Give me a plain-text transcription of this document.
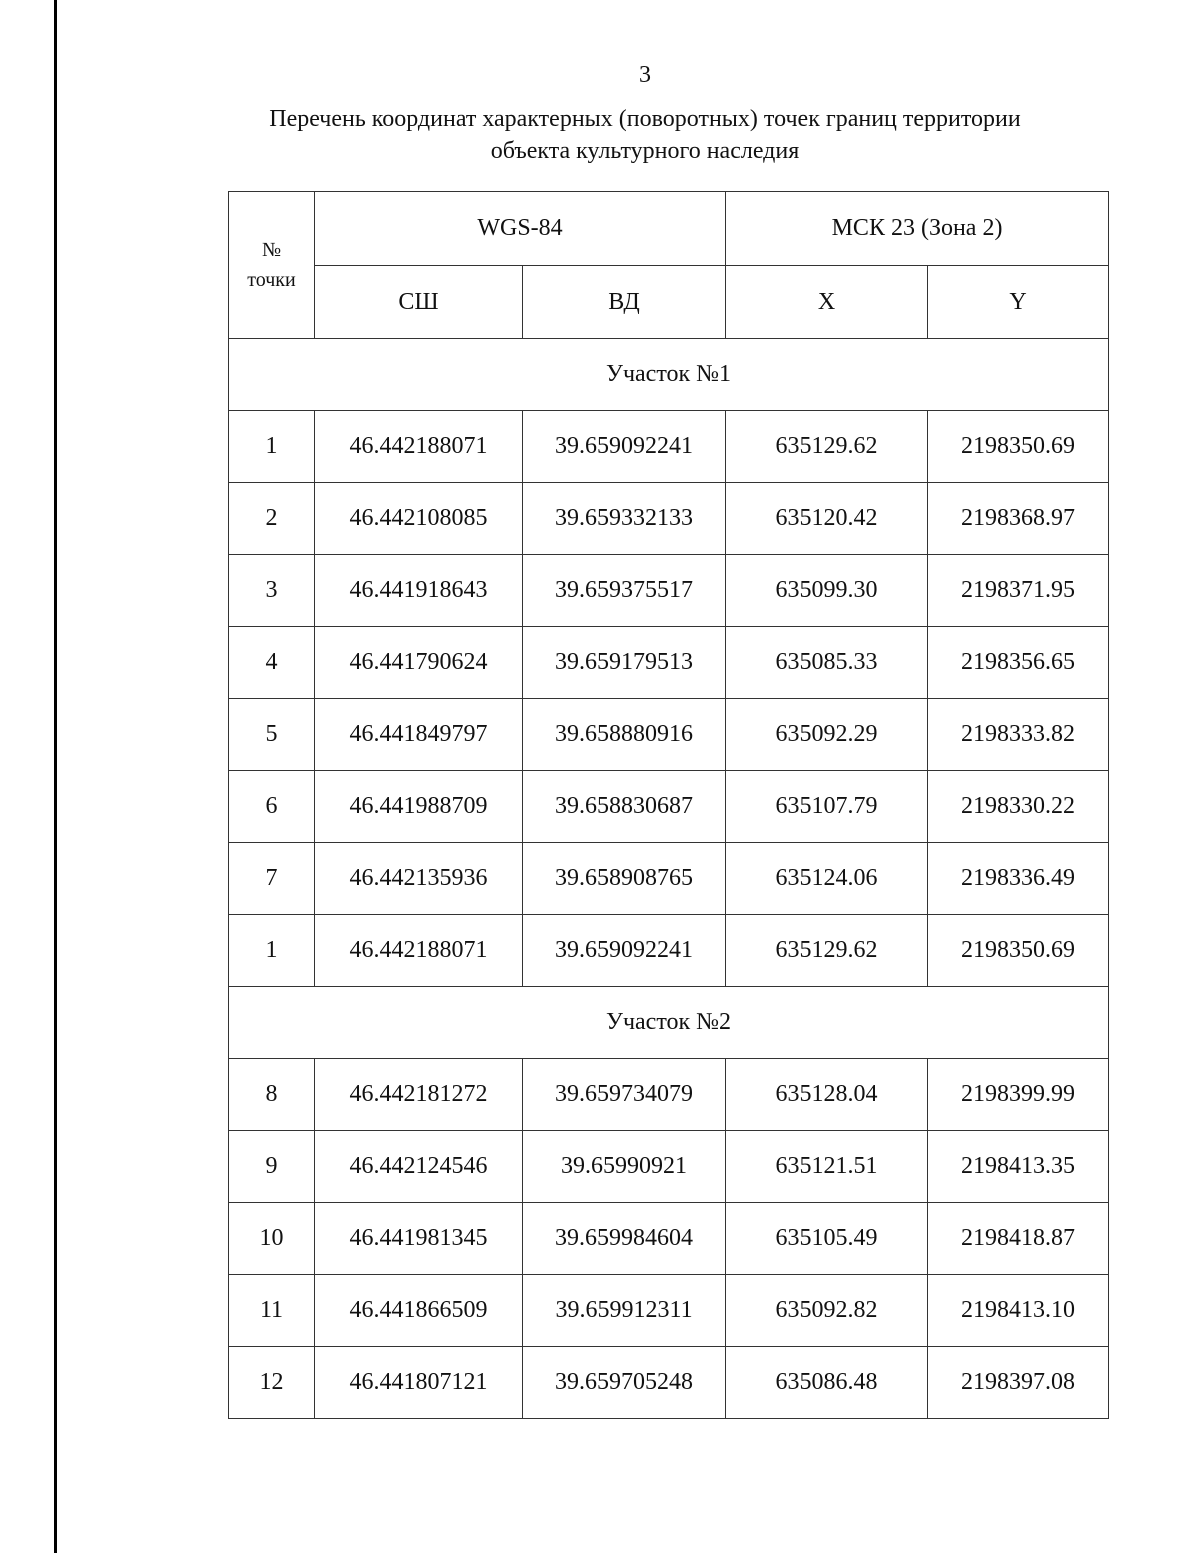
3
Перечень координат характерных (поворотных) точек границ территории
объекта культурного наследия
№
точки	WGS-84		МСК 23 (Зона 2)	
	СШ	ВД	X	Y
Участок №1				
1	46.442188071	39.659092241	635129.62	2198350.69
2	46.442108085	39.659332133	635120.42	2198368.97
3	46.441918643	39.659375517	635099.30	2198371.95
4	46.441790624	39.659179513	635085.33	2198356.65
5	46.441849797	39.658880916	635092.29	2198333.82
6	46.441988709	39.658830687	635107.79	2198330.22
7	46.442135936	39.658908765	635124.06	2198336.49
1	46.442188071	39.659092241	635129.62	2198350.69
Участок №2				
8	46.442181272	39.659734079	635128.04	2198399.99
9	46.442124546	39.65990921	635121.51	2198413.35
10	46.441981345	39.659984604	635105.49	2198418.87
11	46.441866509	39.659912311	635092.82	2198413.10
12	46.441807121	39.659705248	635086.48	2198397.08
